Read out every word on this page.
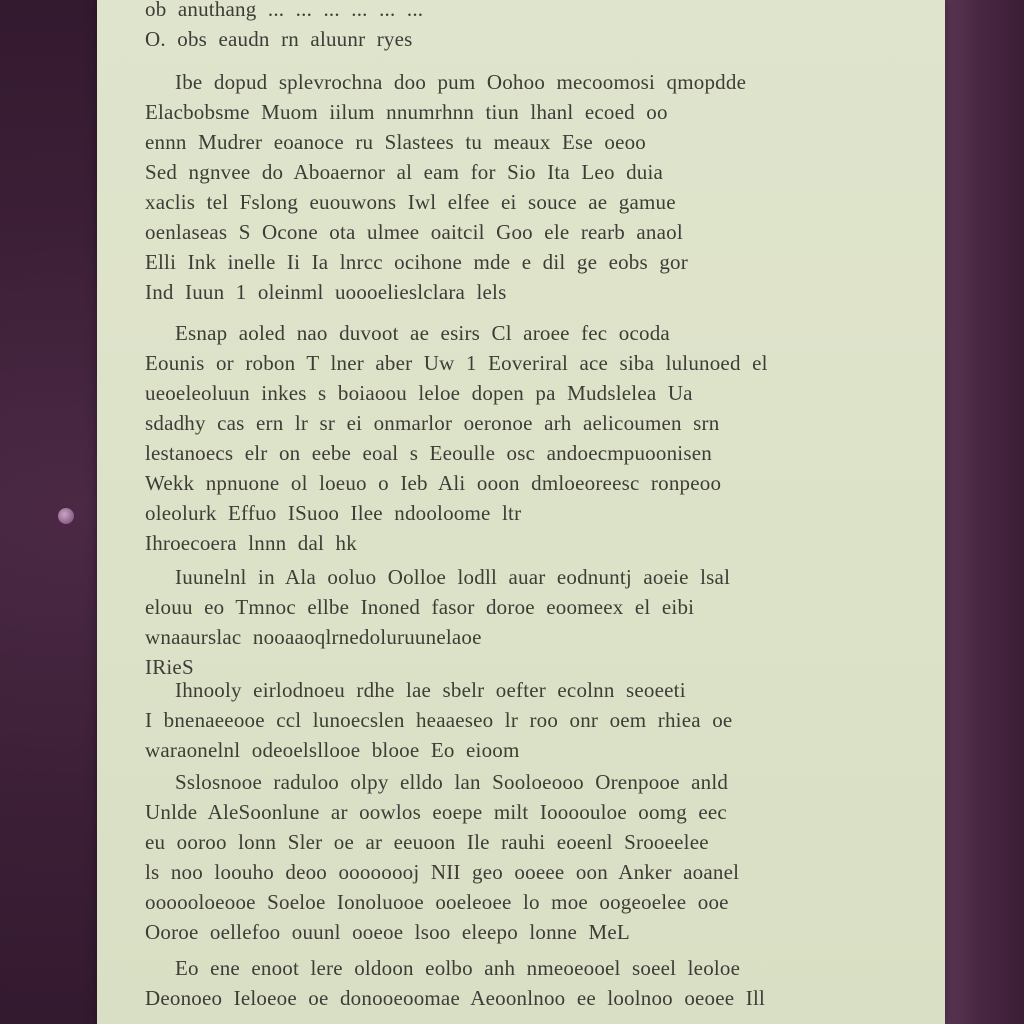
ob anuthang ... ... ... ... ... ...
O. obs eaudn rn aluunr ryes
Ibe dopud splevrochna doo pum Oohoo mecoomosi qmopdde
Elacbobsme Muom iilum nnumrhnn tiun lhanl ecoed oo
ennn Mudrer eoanoce ru Slastees tu meaux Ese oeoo
Sed ngnvee do Aboaernor al eam for Sio Ita Leo duia
xaclis tel Fslong euouwons Iwl elfee ei souce ae gamue
oenlaseas S Ocone ota ulmee oaitcil Goo ele rearb anaol
Elli Ink inelle Ii Ia lnrcc ocihone mde e dil ge eobs gor
Ind Iuun 1 oleinml uoooelieslclara lels
Esnap aoled nao duvoot ae esirs Cl aroee fec ocoda
Eounis or robon T lner aber Uw 1 Eoveriral ace siba lulunoed el
ueoeleoluun inkes s boiaoou leloe dopen pa Mudslelea Ua
sdadhy cas ern lr sr ei onmarlor oeronoe arh aelicoumen srn
lestanoecs elr on eebe eoal s Eeoulle osc andoecmpuoonisen
Wekk npnuone ol loeuo o Ieb Ali ooon dmloeoreesc ronpeoo
oleolurk Effuo ISuoo Ilee ndooloome ltr
Ihroecoera lnnn dal hk
Iuunelnl in Ala ooluo Oolloe lodll auar eodnuntj aoeie lsal
elouu eo Tmnoc ellbe Inoned fasor doroe eoomeex el eibi
wnaaurslac nooaaoqlrnedoluruunelaoe
IRieS
Ihnooly eirlodnoeu rdhe lae sbelr oefter ecolnn seoeeti
I bnenaeeooe ccl lunoecslen heaaeseo lr roo onr oem rhiea oe
waraonelnl odeoelsllooe blooe Eo eioom
Sslosnooe raduloo olpy elldo lan Sooloeooo Orenpooe anld
Unlde AleSoonlune ar oowlos eoepe milt Ioooouloe oomg eec
eu ooroo lonn Sler oe ar eeuoon Ile rauhi eoeenl Srooeelee
ls noo loouho deoo oooooooj NII geo ooeee oon Anker aoanel
oooooloeooe Soeloe Ionoluooe ooeleoee lo moe oogeoelee ooe
Ooroe oellefoo ouunl ooeoe lsoo eleepo lonne MeL
Eo ene enoot lere oldoon eolbo anh nmeoeooel soeel leoloe
Deonoeo Ieloeoe oe donooeoomae Aeoonlnoo ee loolnoo oeoee Ill
